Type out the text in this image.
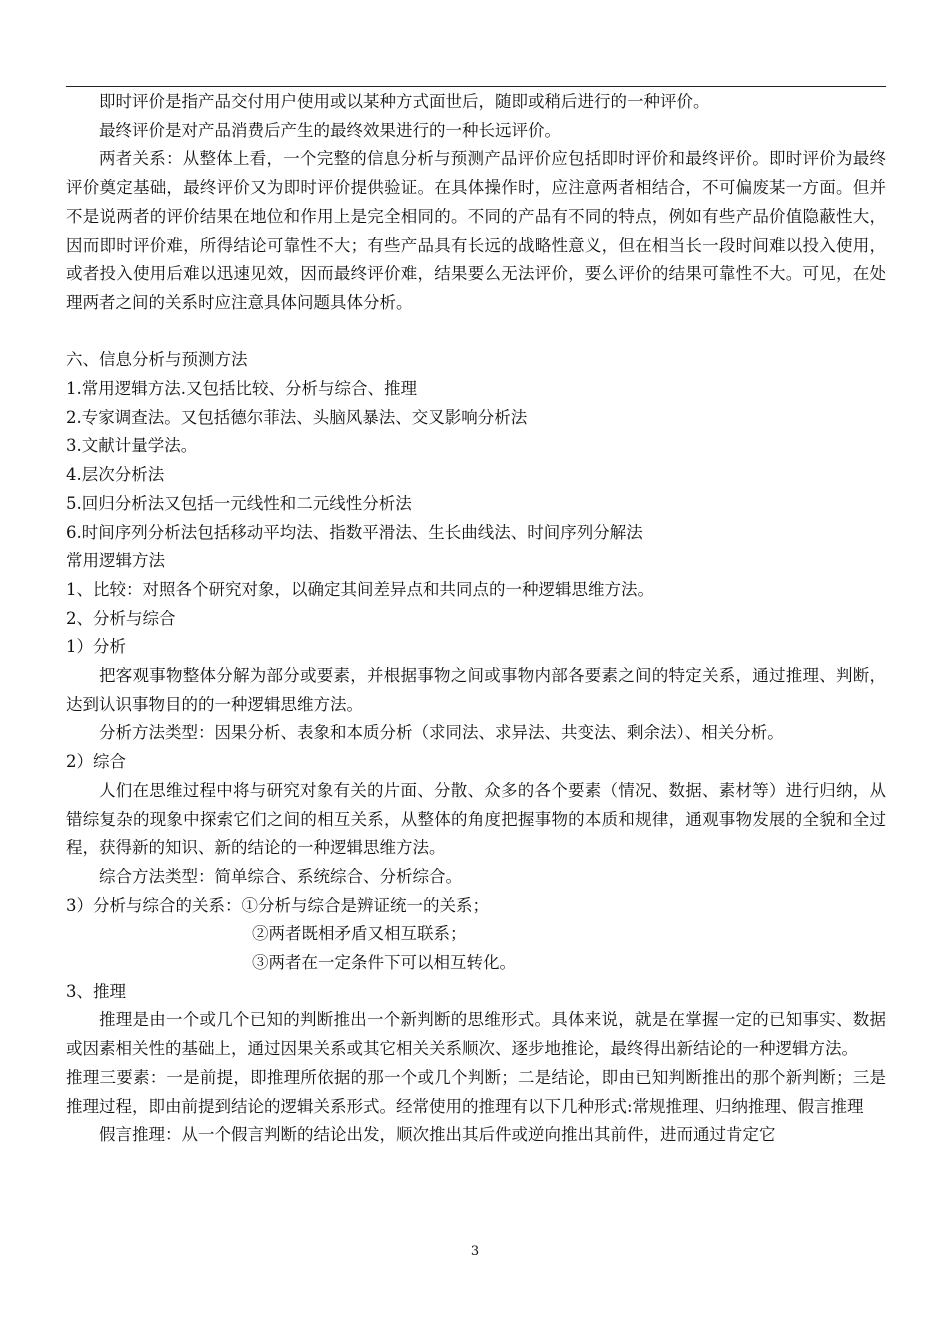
即时评价是指产品交付用户使用或以某种方式面世后，随即或稍后进行的一种评价。

最终评价是对产品消费后产生的最终效果进行的一种长远评价。

两者关系：从整体上看，一个完整的信息分析与预测产品评价应包括即时评价和最终评价。即时评价为最终评价奠定基础，最终评价又为即时评价提供验证。在具体操作时，应注意两者相结合，不可偏废某一方面。但并不是说两者的评价结果在地位和作用上是完全相同的。不同的产品有不同的特点，例如有些产品价值隐蔽性大，因而即时评价难，所得结论可靠性不大；有些产品具有长远的战略性意义，但在相当长一段时间难以投入使用，或者投入使用后难以迅速见效，因而最终评价难，结果要么无法评价，要么评价的结果可靠性不大。可见，在处理两者之间的关系时应注意具体问题具体分析。

六、信息分析与预测方法

1.常用逻辑方法.又包括比较、分析与综合、推理

2.专家调查法。又包括德尔菲法、头脑风暴法、交叉影响分析法

3.文献计量学法。

4.层次分析法

5.回归分析法又包括一元线性和二元线性分析法

6.时间序列分析法包括移动平均法、指数平滑法、生长曲线法、时间序列分解法

常用逻辑方法

1、比较：对照各个研究对象，以确定其间差异点和共同点的一种逻辑思维方法。

2、分析与综合

1）分析

把客观事物整体分解为部分或要素，并根据事物之间或事物内部各要素之间的特定关系，通过推理、判断，达到认识事物目的的一种逻辑思维方法。

分析方法类型：因果分析、表象和本质分析（求同法、求异法、共变法、剩余法）、相关分析。

2）综合

人们在思维过程中将与研究对象有关的片面、分散、众多的各个要素（情况、数据、素材等）进行归纳，从错综复杂的现象中探索它们之间的相互关系，从整体的角度把握事物的本质和规律，通观事物发展的全貌和全过程，获得新的知识、新的结论的一种逻辑思维方法。

综合方法类型：简单综合、系统综合、分析综合。

3）分析与综合的关系：①分析与综合是辨证统一的关系；

②两者既相矛盾又相互联系；

③两者在一定条件下可以相互转化。

3、推理

推理是由一个或几个已知的判断推出一个新判断的思维形式。具体来说，就是在掌握一定的已知事实、数据或因素相关性的基础上，通过因果关系或其它相关关系顺次、逐步地推论，最终得出新结论的一种逻辑方法。

推理三要素：一是前提，即推理所依据的那一个或几个判断；二是结论，即由已知判断推出的那个新判断；三是推理过程，即由前提到结论的逻辑关系形式。经常使用的推理有以下几种形式:常规推理、归纳推理、假言推理

假言推理：从一个假言判断的结论出发，顺次推出其后件或逆向推出其前件，进而通过肯定它

3
